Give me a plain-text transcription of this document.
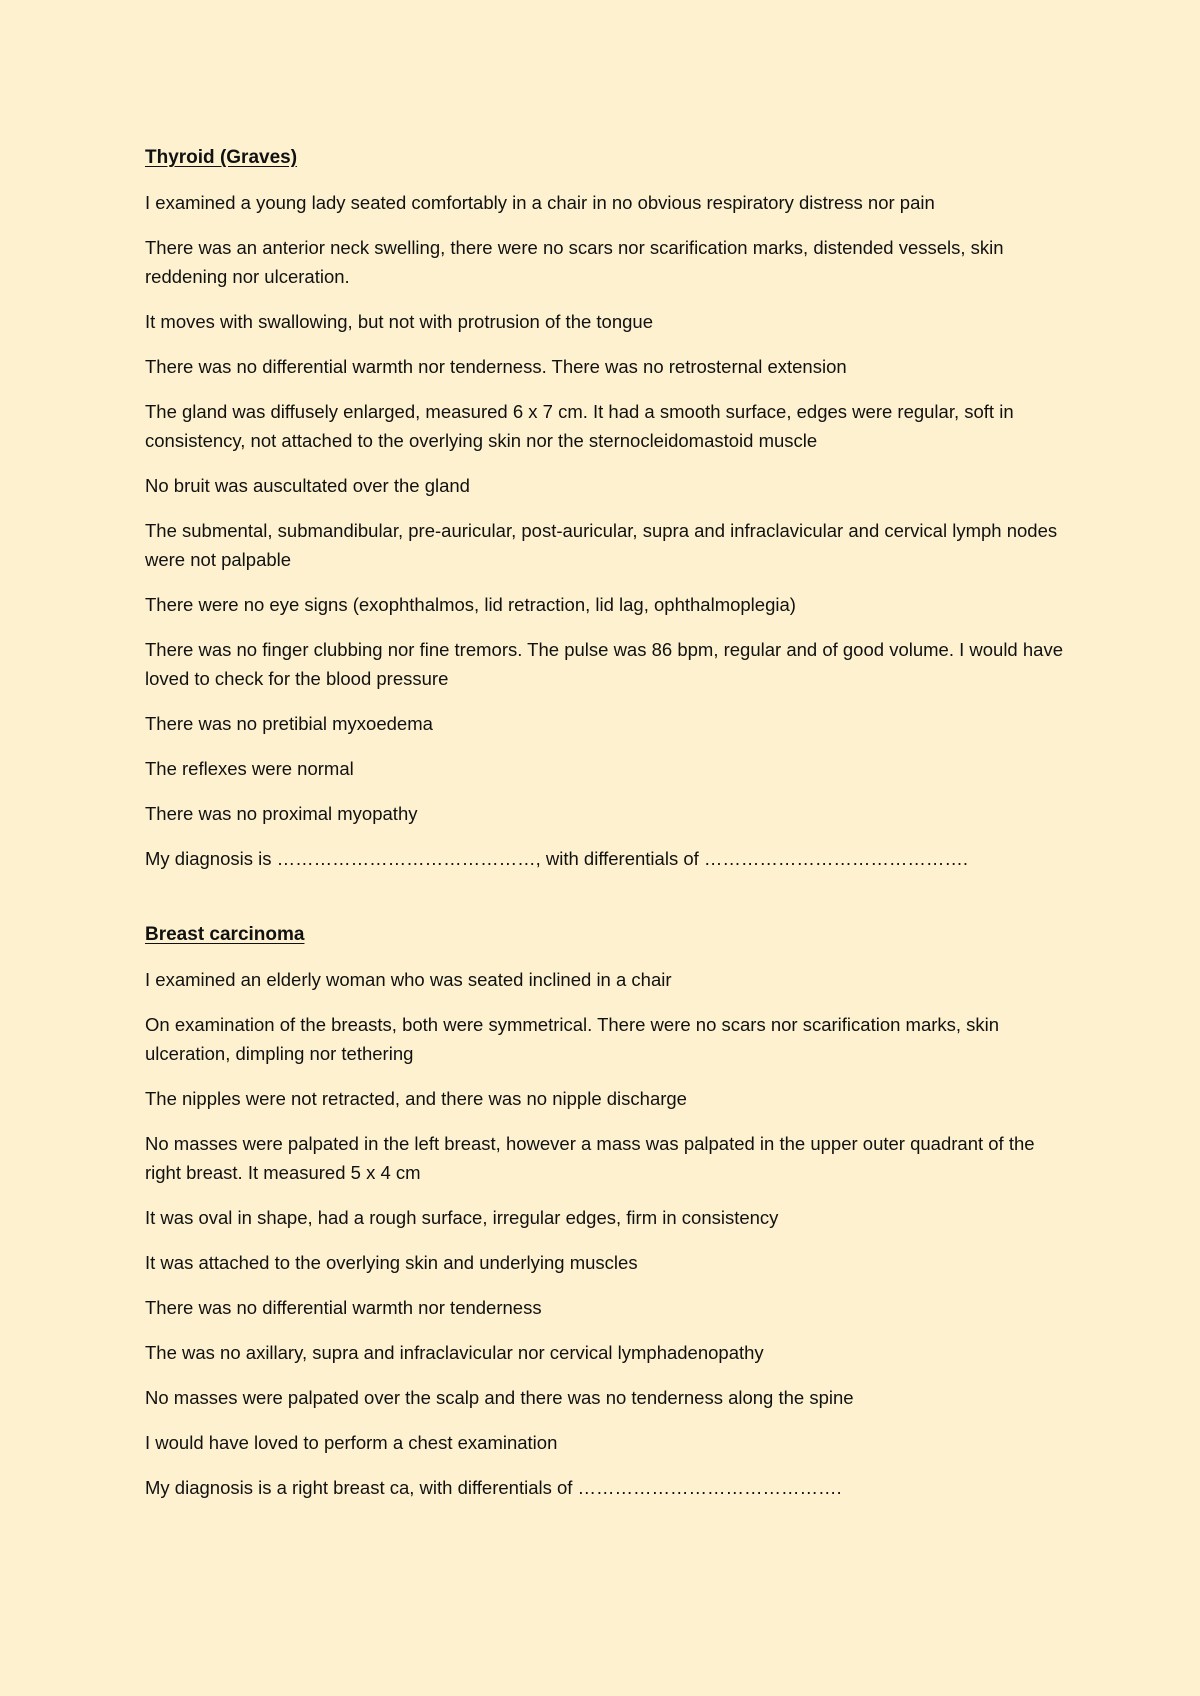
Thyroid (Graves)

I examined a young lady seated comfortably in a chair in no obvious respiratory distress nor pain

There was an anterior neck swelling, there were no scars nor scarification marks, distended vessels, skin reddening nor ulceration.

It moves with swallowing, but not with protrusion of the tongue

There was no differential warmth nor tenderness. There was no retrosternal extension

The gland was diffusely enlarged, measured 6 x 7 cm. It had a smooth surface, edges were regular, soft in consistency, not attached to the overlying skin nor the sternocleidomastoid muscle

No bruit was auscultated over the gland

The submental, submandibular, pre-auricular, post-auricular, supra and infraclavicular and cervical lymph nodes were not palpable

There were no eye signs (exophthalmos, lid retraction, lid lag, ophthalmoplegia)

There was no finger clubbing nor fine tremors. The pulse was 86 bpm, regular and of good volume. I would have loved to check for the blood pressure

There was no pretibial myxoedema

The reflexes were normal

There was no proximal myopathy

My diagnosis is ……………………………………, with differentials of …………………………………….

Breast carcinoma

I examined an elderly woman who was seated inclined in a chair

On examination of the breasts, both were symmetrical. There were no scars nor scarification marks, skin ulceration, dimpling nor tethering

The nipples were not retracted, and there was no nipple discharge

No masses were palpated in the left breast, however a mass was palpated in the upper outer quadrant of the right breast. It measured 5 x 4 cm

It was oval in shape, had a rough surface, irregular edges, firm in consistency

It was attached to the overlying skin and underlying muscles

There was no differential warmth nor tenderness

The was no axillary, supra and infraclavicular nor cervical lymphadenopathy

No masses were palpated over the scalp and there was no tenderness along the spine

I would have loved to perform a chest examination

My diagnosis is a right breast ca, with differentials of …………………………………….
